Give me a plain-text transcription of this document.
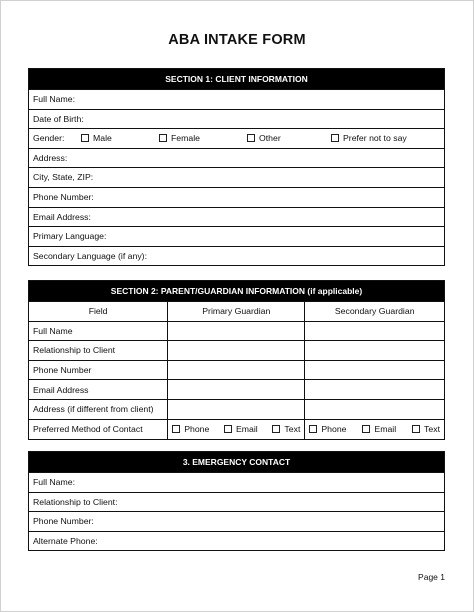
ABA INTAKE FORM
SECTION 1: CLIENT INFORMATION
Full Name:
Date of Birth:
Gender:	Male	Female	Other	Prefer not to say
Address:
City, State, ZIP:
Phone Number:
Email Address:
Primary Language:
Secondary Language (if any):
SECTION 2: PARENT/GUARDIAN INFORMATION (if applicable)
Field	Primary Guardian	Secondary Guardian
Full Name		
Relationship to Client		
Phone Number		
Email Address		
Address (if different from client)		
Preferred Method of Contact	Phone Email Text	Phone Email Text
3. EMERGENCY CONTACT
Full Name:
Relationship to Client:
Phone Number:
Alternate Phone:
Page 1
